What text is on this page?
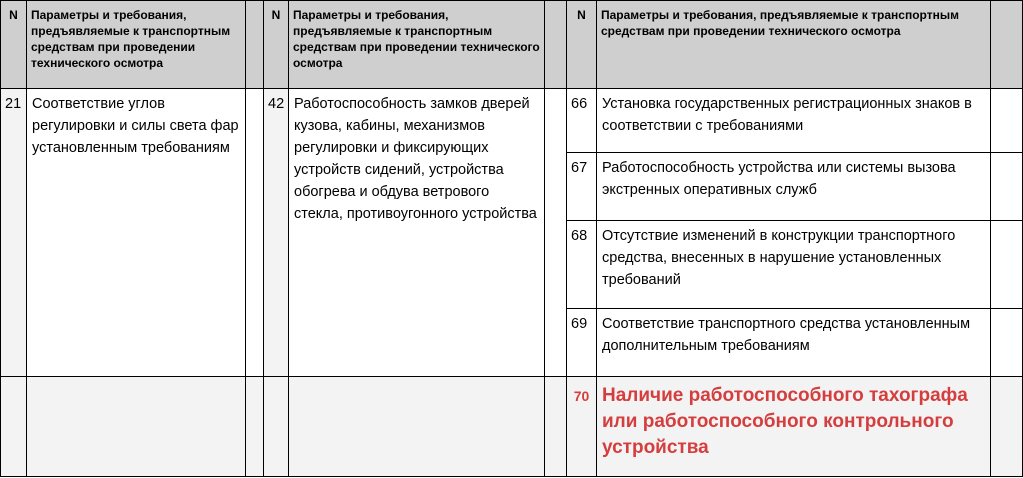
N	Параметры и требования, предъявляемые к транспортным средствам при проведении технического осмотра		N	Параметры и требования, предъявляемые к транспортным средствам при проведении технического осмотра		N	Параметры и требования, предъявляемые к транспортным средствам при проведении технического осмотра	
21	Соответствие углов регулировки и силы света фар установленным требованиям		42	Работоспособность замков дверей кузова, кабины, механизмов регулировки и фиксирующих устройств сидений, устройства обогрева и обдува ветрового стекла, противоугонного устройства		66	Установка государственных регистрационных знаков в соответствии с требованиями	
						67	Работоспособность устройства или системы вызова экстренных оперативных служб	
						68	Отсутствие изменений в конструкции транспортного средства, внесенных в нарушение установленных требований	
						69	Соответствие транспортного средства установленным дополнительным требованиям	
						70	Наличие работоспособного тахографа или работоспособного контрольного устройства	
